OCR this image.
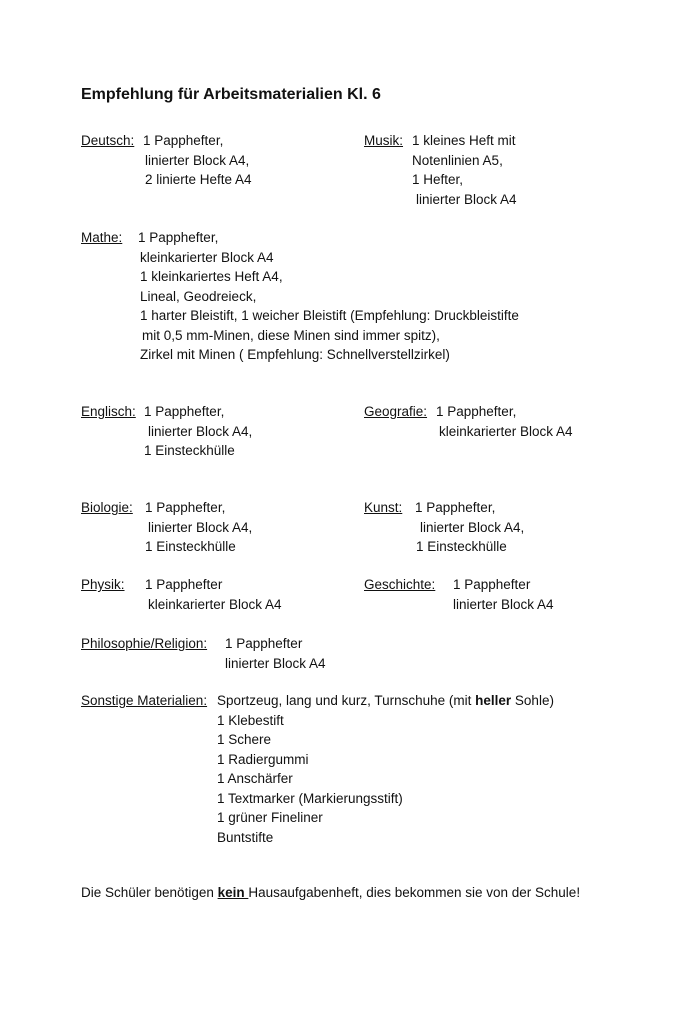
Empfehlung für Arbeitsmaterialien Kl. 6
Deutsch: 1 Papphefter,
linierter Block A4,
2 linierte Hefte A4
Musik: 1 kleines Heft mit
Notenlinien A5,
1 Hefter,
linierter Block A4
Mathe: 1 Papphefter,
kleinkarierter Block A4
1 kleinkariertes Heft A4,
Lineal, Geodreieck,
1 harter Bleistift, 1 weicher Bleistift (Empfehlung: Druckbleistifte
mit 0,5 mm-Minen, diese Minen sind immer spitz),
Zirkel mit Minen ( Empfehlung: Schnellverstellzirkel)
Englisch: 1 Papphefter,
linierter Block A4,
1 Einsteckhülle
Geografie: 1 Papphefter,
kleinkarierter Block A4
Biologie: 1 Papphefter,
linierter Block A4,
1 Einsteckhülle
Kunst: 1 Papphefter,
linierter Block A4,
1 Einsteckhülle
Physik: 1 Papphefter
kleinkarierter Block A4
Geschichte: 1 Papphefter
linierter Block A4
Philosophie/Religion: 1 Papphefter
linierter Block A4
Sonstige Materialien: Sportzeug, lang und kurz, Turnschuhe (mit heller Sohle)
1 Klebestift
1 Schere
1 Radiergummi
1 Anschärfer
1 Textmarker (Markierungsstift)
1 grüner Fineliner
Buntstifte

Die Schüler benötigen kein Hausaufgabenheft, dies bekommen sie von der Schule!
